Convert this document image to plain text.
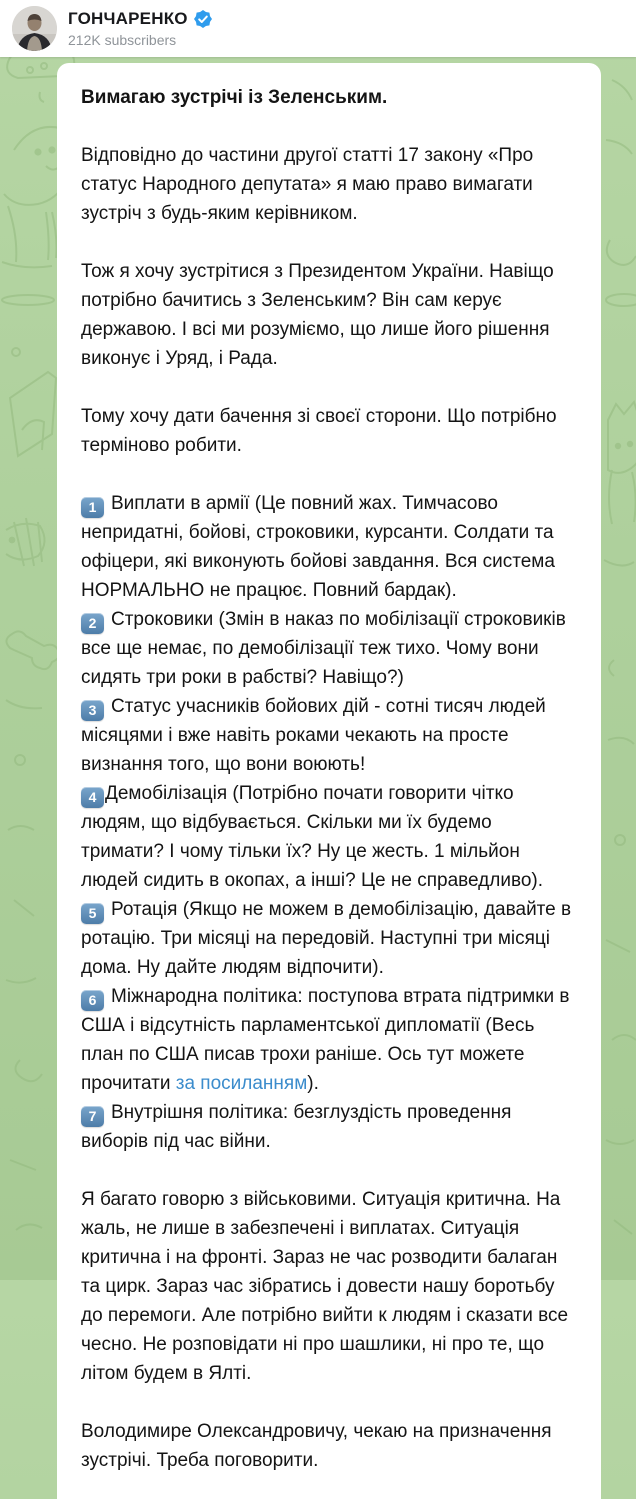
ГОНЧАРЕНКО
212K subscribers
Вимагаю зустрічі із Зеленським.
Відповідно до частини другої статті 17 закону «Про статус Народного депутата» я маю право вимагати зустріч з будь-яким керівником.
Тож я хочу зустрітися з Президентом України. Навіщо потрібно бачитись з Зеленським? Він сам керує державою. І всі ми розуміємо, що лише його рішення виконує і Уряд, і Рада.
Тому хочу дати бачення зі своєї сторони. Що потрібно терміново робити.
1 Виплати в армії (Це повний жах. Тимчасово непридатні, бойові, строковики, курсанти. Солдати та офіцери, які виконують бойові завдання. Вся система НОРМАЛЬНО не працює. Повний бардак).
2 Строковики (Змін в наказ по мобілізації строковиків все ще немає, по демобілізації теж тихо. Чому вони сидять три роки в рабстві? Навіщо?)
3 Статус учасників бойових дій - сотні тисяч людей місяцями і вже навіть роками чекають на просте визнання того, що вони воюють!
4 Демобілізація (Потрібно почати говорити чітко людям, що відбувається. Скільки ми їх будемо тримати? І чому тільки їх? Ну це жесть. 1 мільйон людей сидить в окопах, а інші? Це не справедливо).
5 Ротація (Якщо не можем в демобілізацію, давайте в ротацію. Три місяці на передовій. Наступні три місяці дома. Ну дайте людям відпочити).
6 Міжнародна політика: поступова втрата підтримки в США і відсутність парламентської дипломатії (Весь план по США писав трохи раніше. Ось тут можете прочитати за посиланням).
7 Внутрішня політика: безглуздість проведення виборів під час війни.
Я багато говорю з військовими. Ситуація критична. На жаль, не лише в забезпечені і виплатах. Ситуація критична і на фронті. Зараз не час розводити балаган та цирк. Зараз час зібратись і довести нашу боротьбу до перемоги. Але потрібно вийти к людям і сказати все чесно. Не розповідати ні про шашлики, ні про те, що літом будем в Ялті.
Володимире Олександровичу, чекаю на призначення зустрічі. Треба поговорити.
